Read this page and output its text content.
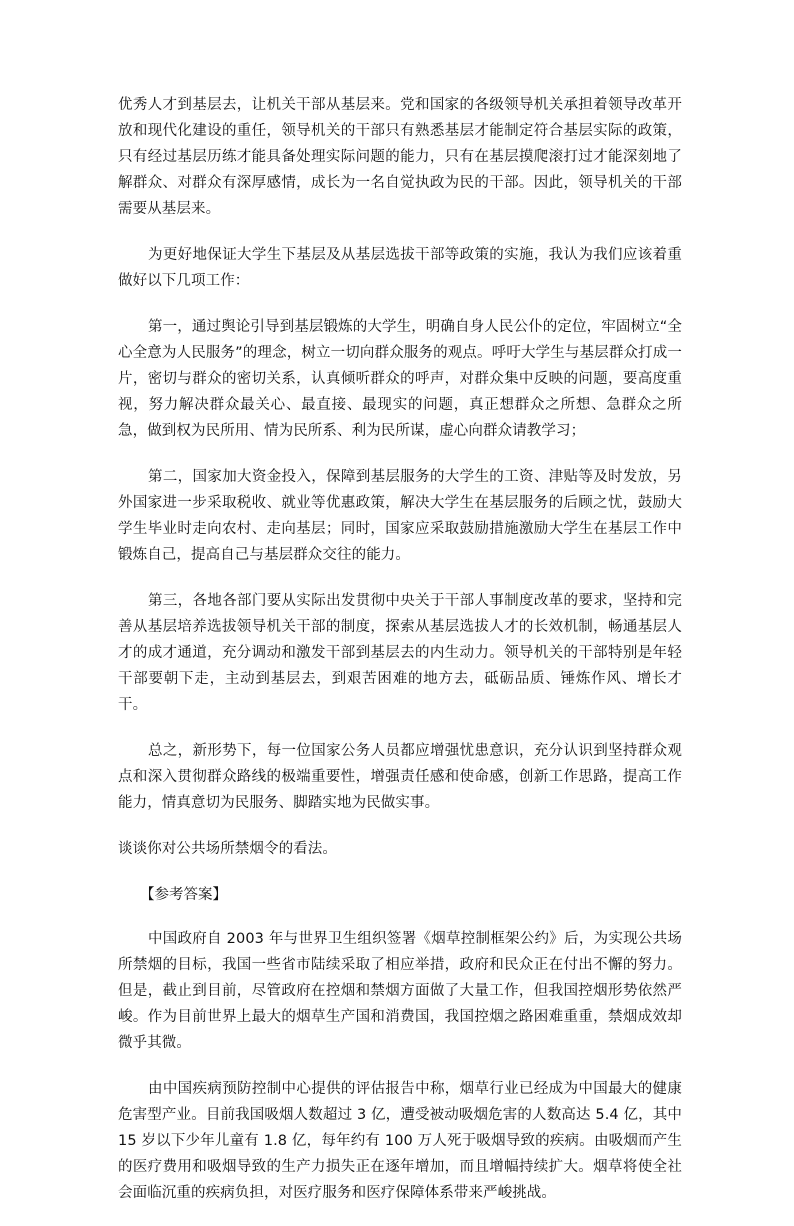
优秀人才到基层去，让机关干部从基层来。党和国家的各级领导机关承担着领导改革开放和现代化建设的重任，领导机关的干部只有熟悉基层才能制定符合基层实际的政策，只有经过基层历练才能具备处理实际问题的能力，只有在基层摸爬滚打过才能深刻地了解群众、对群众有深厚感情，成长为一名自觉执政为民的干部。因此，领导机关的干部需要从基层来。

为更好地保证大学生下基层及从基层选拔干部等政策的实施，我认为我们应该着重做好以下几项工作：

第一，通过舆论引导到基层锻炼的大学生，明确自身人民公仆的定位，牢固树立“全心全意为人民服务”的理念，树立一切向群众服务的观点。呼吁大学生与基层群众打成一片，密切与群众的密切关系，认真倾听群众的呼声，对群众集中反映的问题，要高度重视，努力解决群众最关心、最直接、最现实的问题，真正想群众之所想、急群众之所急，做到权为民所用、情为民所系、利为民所谋，虚心向群众请教学习；

第二，国家加大资金投入，保障到基层服务的大学生的工资、津贴等及时发放，另外国家进一步采取税收、就业等优惠政策，解决大学生在基层服务的后顾之忧，鼓励大学生毕业时走向农村、走向基层；同时，国家应采取鼓励措施激励大学生在基层工作中锻炼自己，提高自己与基层群众交往的能力。

第三，各地各部门要从实际出发贯彻中央关于干部人事制度改革的要求，坚持和完善从基层培养选拔领导机关干部的制度，探索从基层选拔人才的长效机制，畅通基层人才的成才通道，充分调动和激发干部到基层去的内生动力。领导机关的干部特别是年轻干部要朝下走，主动到基层去，到艰苦困难的地方去，砥砺品质、锤炼作风、增长才干。

总之，新形势下，每一位国家公务人员都应增强忧患意识，充分认识到坚持群众观点和深入贯彻群众路线的极端重要性，增强责任感和使命感，创新工作思路，提高工作能力，情真意切为民服务、脚踏实地为民做实事。

谈谈你对公共场所禁烟令的看法。

【参考答案】

中国政府自 2003 年与世界卫生组织签署《烟草控制框架公约》后，为实现公共场所禁烟的目标，我国一些省市陆续采取了相应举措，政府和民众正在付出不懈的努力。但是，截止到目前，尽管政府在控烟和禁烟方面做了大量工作，但我国控烟形势依然严峻。作为目前世界上最大的烟草生产国和消费国，我国控烟之路困难重重，禁烟成效却微乎其微。

由中国疾病预防控制中心提供的评估报告中称，烟草行业已经成为中国最大的健康危害型产业。目前我国吸烟人数超过 3 亿，遭受被动吸烟危害的人数高达 5.4 亿，其中 15 岁以下少年儿童有 1.8 亿，每年约有 100 万人死于吸烟导致的疾病。由吸烟而产生的医疗费用和吸烟导致的生产力损失正在逐年增加，而且增幅持续扩大。烟草将使全社会面临沉重的疾病负担，对医疗服务和医疗保障体系带来严峻挑战。
